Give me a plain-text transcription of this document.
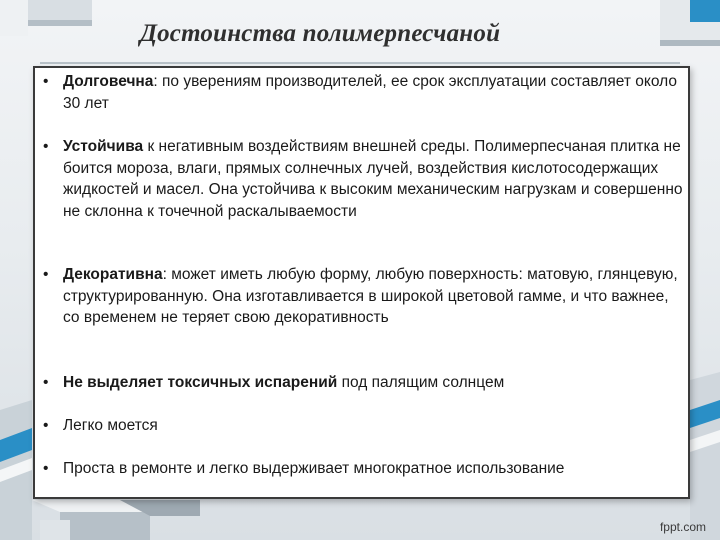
Достоинства полимерпесчаной
• Долговечна: по уверениям производителей, ее срок эксплуатации составляет около 30 лет
• Устойчива к негативным воздействиям внешней среды. Полимерпесчаная плитка не боится мороза, влаги, прямых солнечных лучей, воздействия кислотосодержащих жидкостей и масел. Она устойчива к высоким механическим нагрузкам и совершенно не склонна к точечной раскалываемости
• Декоративна: может иметь любую форму, любую поверхность: матовую, глянцевую, структурированную. Она изготавливается в широкой цветовой гамме, и что важнее, со временем не теряет свою декоративность
• Не выделяет токсичных испарений под палящим солнцем
• Легко моется
• Проста в ремонте и легко выдерживает многократное использование
fppt.com
